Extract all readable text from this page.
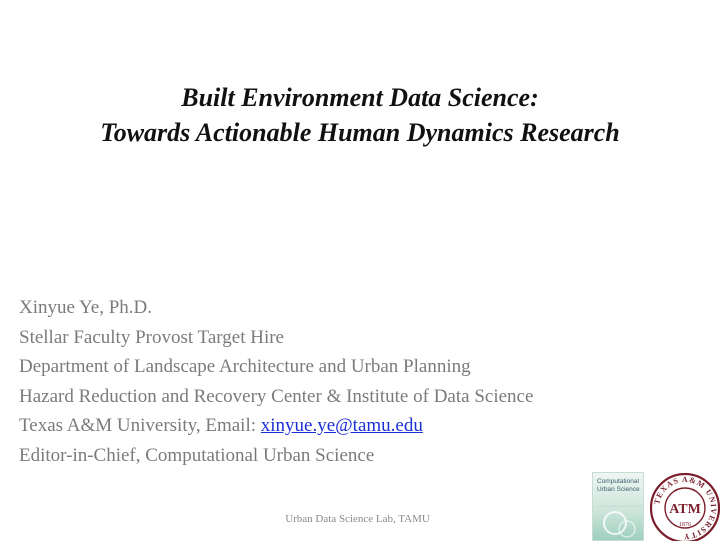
Built Environment Data Science:
Towards Actionable Human Dynamics Research
Xinyue Ye, Ph.D.
Stellar Faculty Provost Target Hire
Department of Landscape Architecture and Urban Planning
Hazard Reduction and Recovery Center & Institute of Data Science
Texas A&M University, Email: xinyue.ye@tamu.edu
Editor-in-Chief, Computational Urban Science
Urban Data Science Lab, TAMU
Computational
Urban Science
TEXAS A&M UNIVERSITY
ATM
1876
